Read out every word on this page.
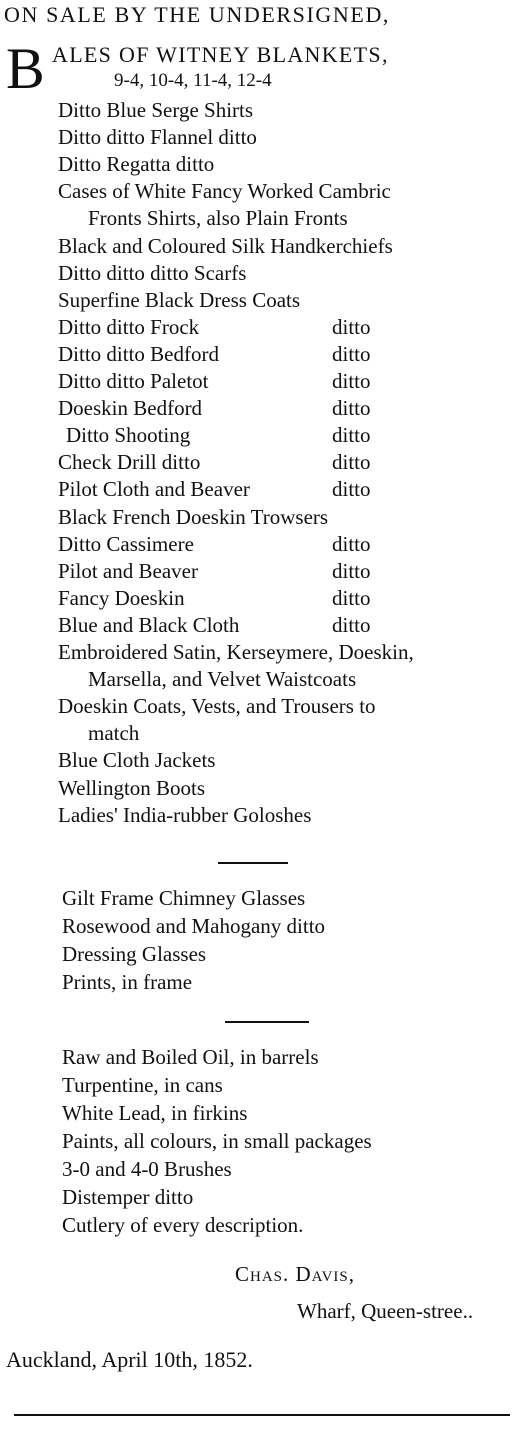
ON SALE BY THE UNDERSIGNED,
B ALES OF WITNEY BLANKETS,
9-4, 10-4, 11-4, 12-4
Ditto Blue Serge Shirts
Ditto ditto Flannel ditto
Ditto Regatta ditto
Cases of White Fancy Worked Cambric
Fronts Shirts, also Plain Fronts
Black and Coloured Silk Handkerchiefs
Ditto ditto ditto Scarfs
Superfine Black Dress Coats
Ditto ditto Frock	ditto
Ditto ditto Bedford	ditto
Ditto ditto Paletot	ditto
Doeskin Bedford	ditto
Ditto Shooting	ditto
Check Drill ditto	ditto
Pilot Cloth and Beaver	ditto
Black French Doeskin Trowsers
Ditto Cassimere	ditto
Pilot and Beaver	ditto
Fancy Doeskin	ditto
Blue and Black Cloth	ditto
Embroidered Satin, Kerseymere, Doeskin,
Marsella, and Velvet Waistcoats
Doeskin Coats, Vests, and Trousers to
match
Blue Cloth Jackets
Wellington Boots
Ladies' India-rubber Goloshes
Gilt Frame Chimney Glasses
Rosewood and Mahogany ditto
Dressing Glasses
Prints, in frame
Raw and Boiled Oil, in barrels
Turpentine, in cans
White Lead, in firkins
Paints, all colours, in small packages
3-0 and 4-0 Brushes
Distemper ditto
Cutlery of every description.
Chas. Davis,
Wharf, Queen-stree..
Auckland, April 10th, 1852.
